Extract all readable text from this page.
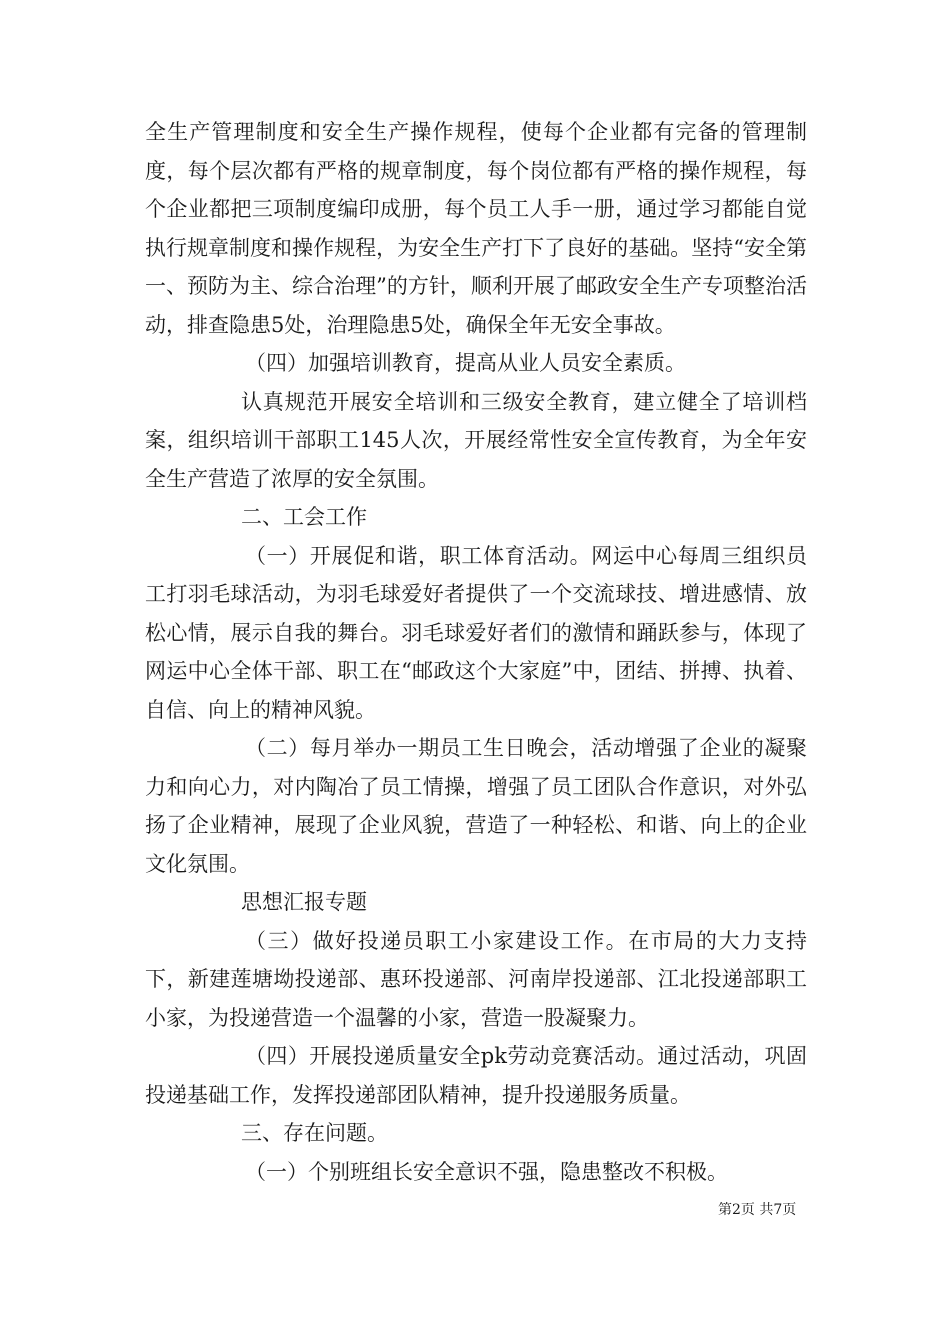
全生产管理制度和安全生产操作规程，使每个企业都有完备的管理制度，每个层次都有严格的规章制度，每个岗位都有严格的操作规程，每个企业都把三项制度编印成册，每个员工人手一册，通过学习都能自觉执行规章制度和操作规程，为安全生产打下了良好的基础。坚持“安全第一、预防为主、综合治理”的方针，顺利开展了邮政安全生产专项整治活动，排查隐患5处，治理隐患5处，确保全年无安全事故。

（四）加强培训教育，提高从业人员安全素质。

认真规范开展安全培训和三级安全教育，建立健全了培训档案，组织培训干部职工145人次，开展经常性安全宣传教育，为全年安全生产营造了浓厚的安全氛围。

二、工会工作

（一）开展促和谐，职工体育活动。网运中心每周三组织员工打羽毛球活动，为羽毛球爱好者提供了一个交流球技、增进感情、放松心情，展示自我的舞台。羽毛球爱好者们的激情和踊跃参与，体现了网运中心全体干部、职工在“邮政这个大家庭”中，团结、拼搏、执着、自信、向上的精神风貌。

（二）每月举办一期员工生日晚会，活动增强了企业的凝聚力和向心力，对内陶冶了员工情操，增强了员工团队合作意识，对外弘扬了企业精神，展现了企业风貌，营造了一种轻松、和谐、向上的企业文化氛围。

思想汇报专题

（三）做好投递员职工小家建设工作。在市局的大力支持下，新建莲塘坳投递部、惠环投递部、河南岸投递部、江北投递部职工小家，为投递营造一个温馨的小家，营造一股凝聚力。

（四）开展投递质量安全pk劳动竞赛活动。通过活动，巩固投递基础工作，发挥投递部团队精神，提升投递服务质量。

三、存在问题。

（一）个别班组长安全意识不强，隐患整改不积极。

第2页 共7页
